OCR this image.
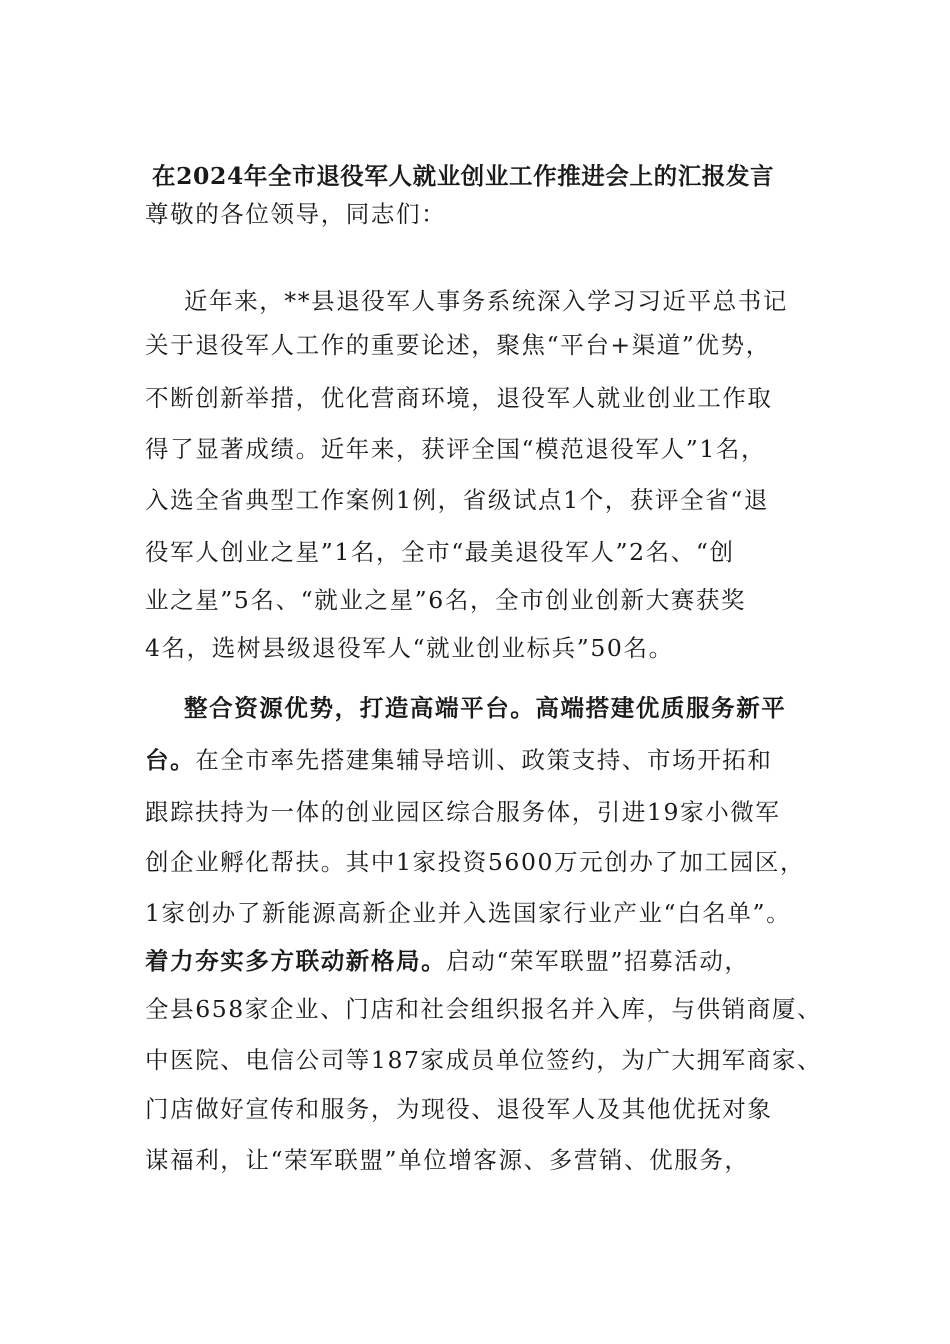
在2024年全市退役军人就业创业工作推进会上的汇报发言
尊敬的各位领导，同志们：
近年来，**县退役军人事务系统深入学习习近平总书记
关于退役军人工作的重要论述，聚焦“平台+渠道”优势，
不断创新举措，优化营商环境，退役军人就业创业工作取
得了显著成绩。近年来，获评全国“模范退役军人”1名，
入选全省典型工作案例1例，省级试点1个，获评全省“退
役军人创业之星”1名，全市“最美退役军人”2名、“创
业之星”5名、“就业之星”6名，全市创业创新大赛获奖
4名，选树县级退役军人“就业创业标兵”50名。
整合资源优势，打造高端平台。高端搭建优质服务新平
台。在全市率先搭建集辅导培训、政策支持、市场开拓和
跟踪扶持为一体的创业园区综合服务体，引进19家小微军
创企业孵化帮扶。其中1家投资5600万元创办了加工园区，
1家创办了新能源高新企业并入选国家行业产业“白名单”。
着力夯实多方联动新格局。启动“荣军联盟”招募活动，
全县658家企业、门店和社会组织报名并入库，与供销商厦、
中医院、电信公司等187家成员单位签约，为广大拥军商家、
门店做好宣传和服务，为现役、退役军人及其他优抚对象
谋福利，让“荣军联盟”单位增客源、多营销、优服务，
